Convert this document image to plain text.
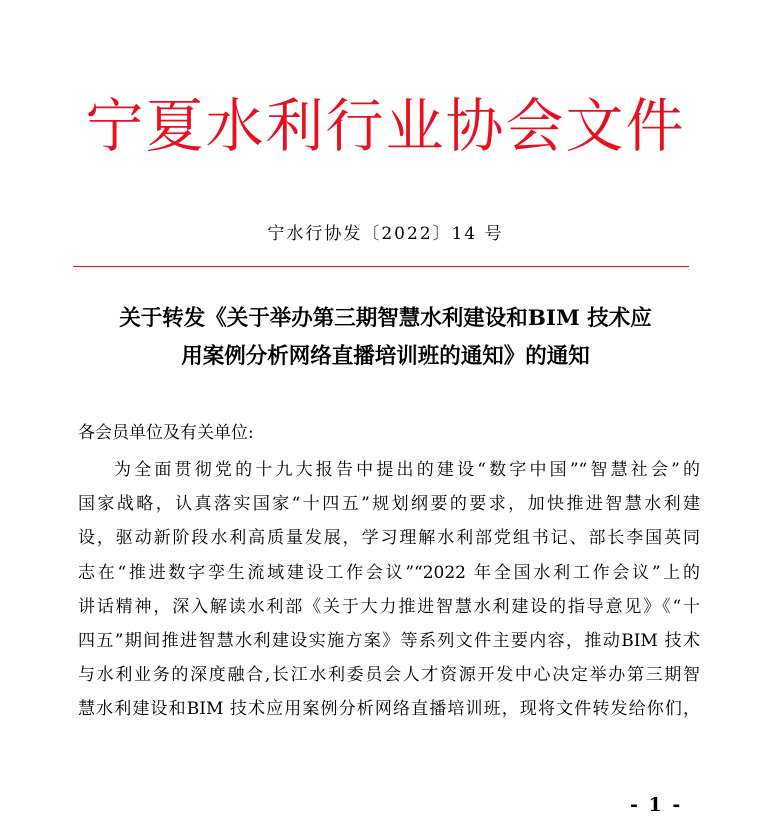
宁夏水利行业协会文件
宁水行协发〔2022〕14 号
关于转发《关于举办第三期智慧水利建设和BIM 技术应
用案例分析网络直播培训班的通知》的通知
各会员单位及有关单位:
为全面贯彻党的十九大报告中提出的建设“数字中国”“智慧社会”的
国家战略，认真落实国家“十四五”规划纲要的要求，加快推进智慧水利建
设，驱动新阶段水利高质量发展，学习理解水利部党组书记、部长李国英同
志在“推进数字孪生流域建设工作会议”“2022 年全国水利工作会议”上的
讲话精神，深入解读水利部《关于大力推进智慧水利建设的指导意见》《“十
四五”期间推进智慧水利建设实施方案》等系列文件主要内容，推动BIM 技术
与水利业务的深度融合,长江水利委员会人才资源开发中心决定举办第三期智
慧水利建设和BIM 技术应用案例分析网络直播培训班，现将文件转发给你们，
- 1 -
